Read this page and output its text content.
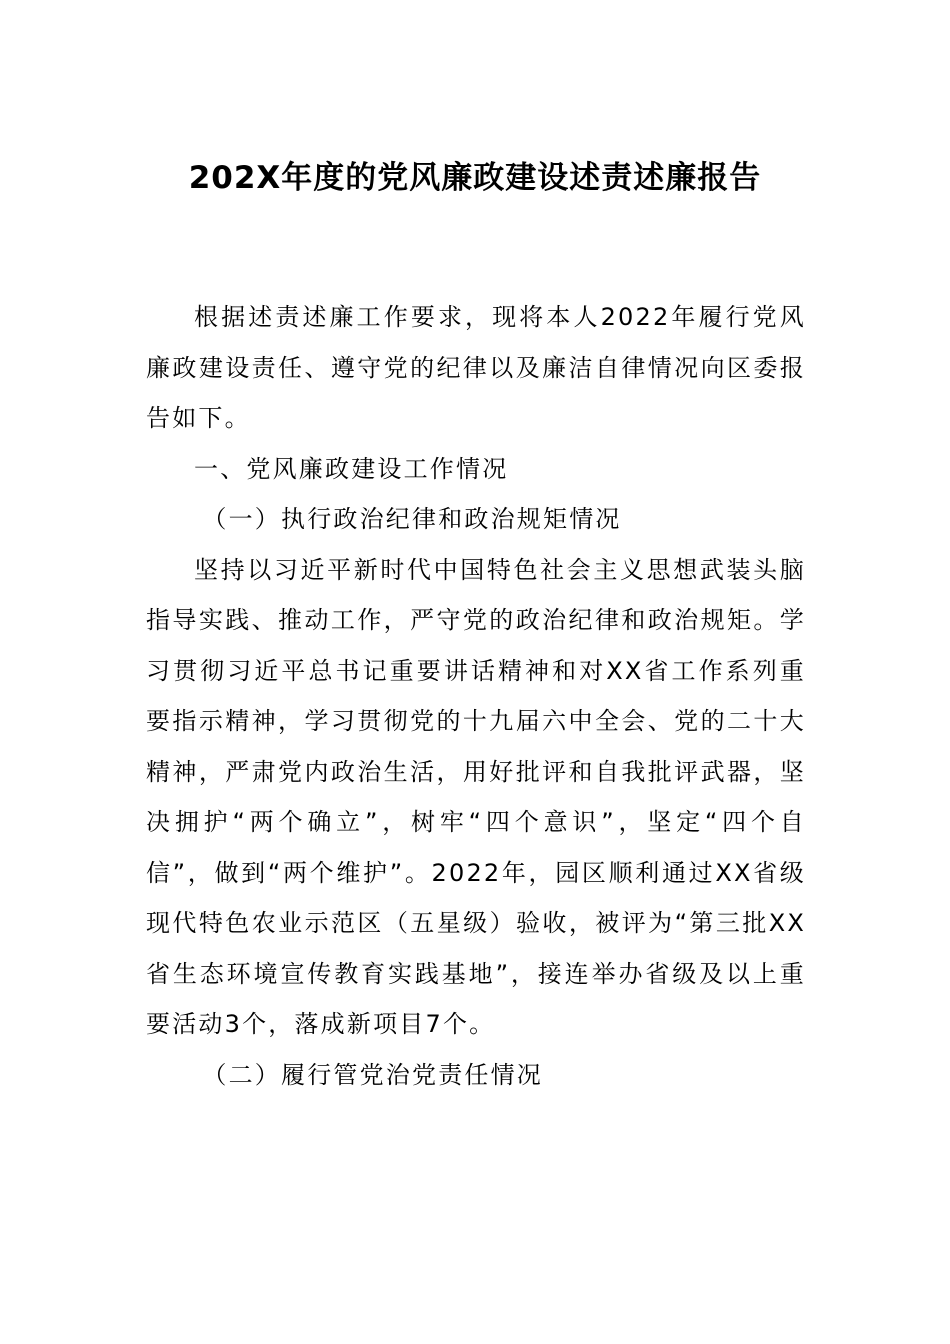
202X年度的党风廉政建设述责述廉报告

根据述责述廉工作要求，现将本人2022年履行党风廉政建设责任、遵守党的纪律以及廉洁自律情况向区委报告如下。

一、党风廉政建设工作情况

（一）执行政治纪律和政治规矩情况

坚持以习近平新时代中国特色社会主义思想武装头脑指导实践、推动工作，严守党的政治纪律和政治规矩。学习贯彻习近平总书记重要讲话精神和对XX省工作系列重要指示精神，学习贯彻党的十九届六中全会、党的二十大精神，严肃党内政治生活，用好批评和自我批评武器，坚决拥护“两个确立”，树牢“四个意识”，坚定“四个自信”，做到“两个维护”。2022年，园区顺利通过XX省级现代特色农业示范区（五星级）验收，被评为“第三批XX省生态环境宣传教育实践基地”，接连举办省级及以上重要活动3个，落成新项目7个。

（二）履行管党治党责任情况
